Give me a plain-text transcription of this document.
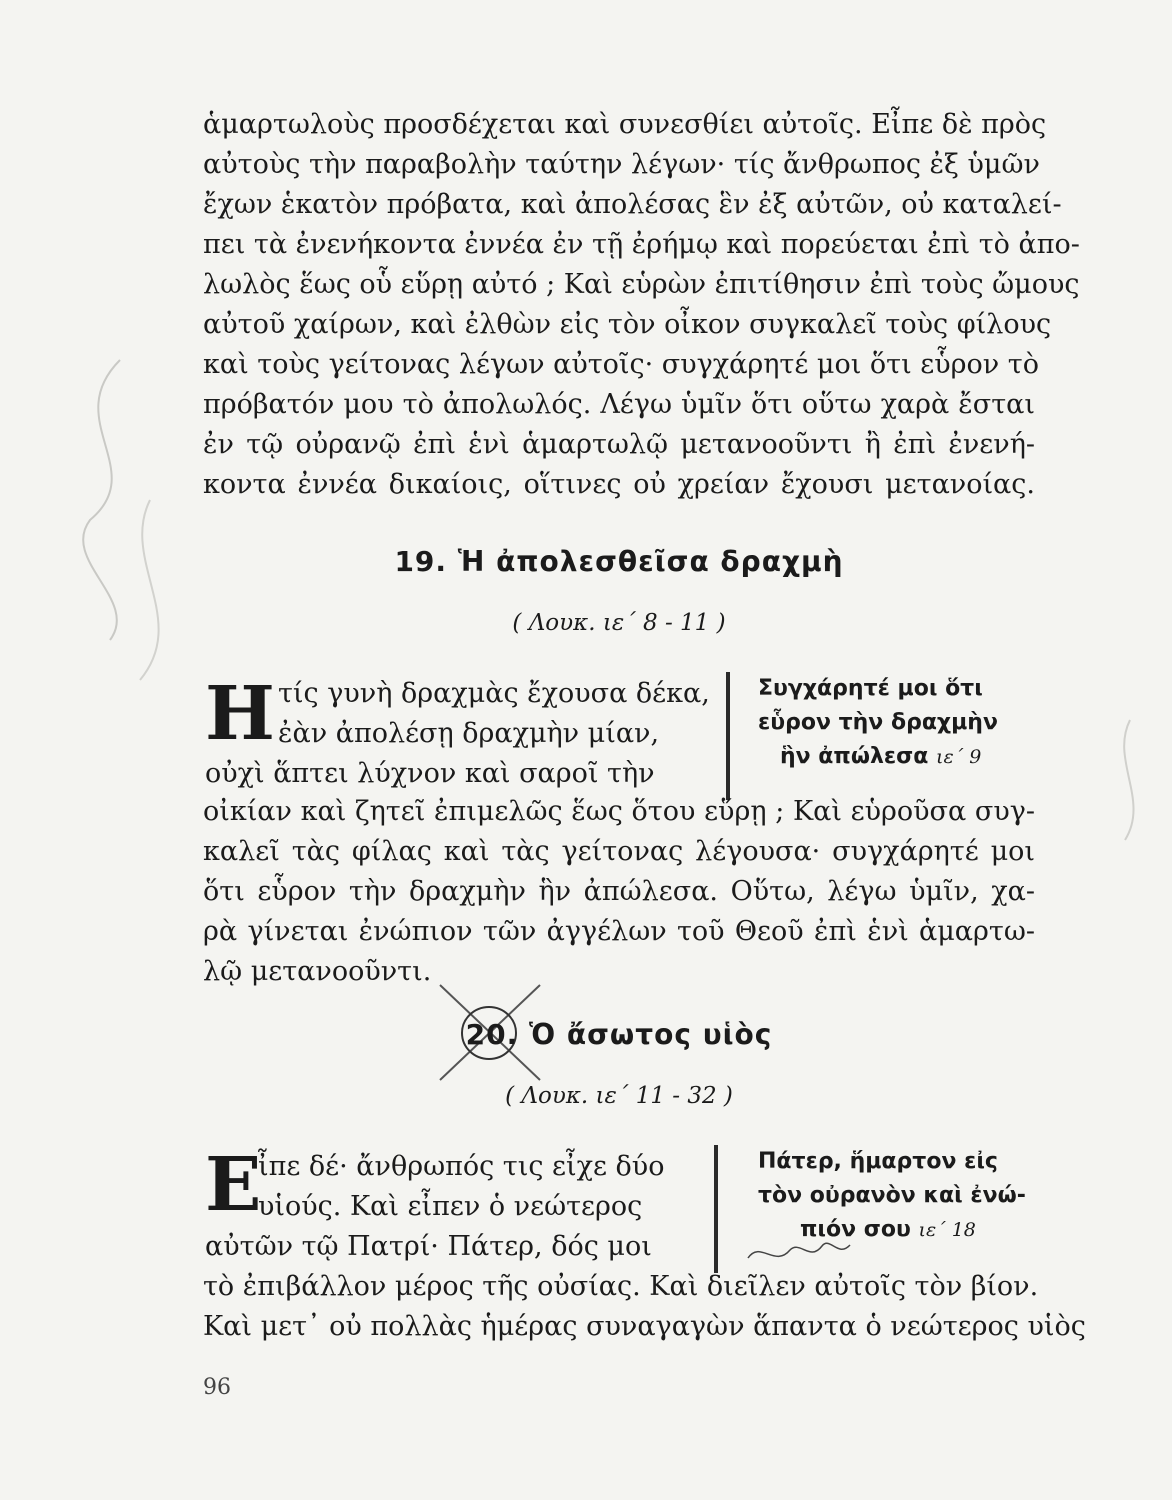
ἁμαρτωλοὺς προσδέχεται καὶ συνεσθίει αὐτοῖς. Εἶπε δὲ πρὸς
αὐτοὺς τὴν παραβολὴν ταύτην λέγων· τίς ἄνθρωπος ἐξ ὑμῶν
ἔχων ἑκατὸν πρόβατα, καὶ ἀπολέσας ἓν ἐξ αὐτῶν, οὐ καταλεί-
πει τὰ ἐνενήκοντα ἐννέα ἐν τῇ ἐρήμῳ καὶ πορεύεται ἐπὶ τὸ ἀπο-
λωλὸς ἕως οὗ εὕρῃ αὐτό ; Καὶ εὑρὼν ἐπιτίθησιν ἐπὶ τοὺς ὤμους
αὐτοῦ χαίρων, καὶ ἐλθὼν εἰς τὸν οἶκον συγκαλεῖ τοὺς φίλους
καὶ τοὺς γείτονας λέγων αὐτοῖς· συγχάρητέ μοι ὅτι εὗρον τὸ
πρόβατόν μου τὸ ἀπολωλός. Λέγω ὑμῖν ὅτι οὕτω χαρὰ ἔσται
ἐν τῷ οὐρανῷ ἐπὶ ἑνὶ ἁμαρτωλῷ μετανοοῦντι ἢ ἐπὶ ἐνενή-
κοντα ἐννέα δικαίοις, οἵτινες οὐ χρείαν ἔχουσι μετανοίας.
19. Ἡ ἀπολεσθεῖσα δραχμὴ
( Λουκ. ιε΄ 8 - 11 )
Η τίς γυνὴ δραχμὰς ἔχουσα δέκα,
ἐὰν ἀπολέσῃ δραχμὴν μίαν,
οὐχὶ ἅπτει λύχνον καὶ σαροῖ τὴν
Συγχάρητέ μοι ὅτι
εὗρον τὴν δραχμὴν
ἣν ἀπώλεσα ιε΄ 9
οἰκίαν καὶ ζητεῖ ἐπιμελῶς ἕως ὅτου εὕρῃ ; Καὶ εὑροῦσα συγ-
καλεῖ τὰς φίλας καὶ τὰς γείτονας λέγουσα· συγχάρητέ μοι
ὅτι εὗρον τὴν δραχμὴν ἣν ἀπώλεσα. Οὕτω, λέγω ὑμῖν, χα-
ρὰ γίνεται ἐνώπιον τῶν ἀγγέλων τοῦ Θεοῦ ἐπὶ ἑνὶ ἁμαρτω-
λῷ μετανοοῦντι.
20. Ὁ ἄσωτος υἱὸς
( Λουκ. ιε΄ 11 - 32 )
Ε
ἶπε δέ· ἄνθρωπός τις εἶχε δύο
υἱούς. Καὶ εἶπεν ὁ νεώτερος
αὐτῶν τῷ Πατρί· Πάτερ, δός μοι
Πάτερ, ἥμαρτον εἰς
τὸν οὐρανὸν καὶ ἐνώ-
πιόν σου ιε΄ 18
τὸ ἐπιβάλλον μέρος τῆς οὐσίας. Καὶ διεῖλεν αὐτοῖς τὸν βίον.
Καὶ μετ᾽ οὐ πολλὰς ἡμέρας συναγαγὼν ἅπαντα ὁ νεώτερος υἱὸς
96
